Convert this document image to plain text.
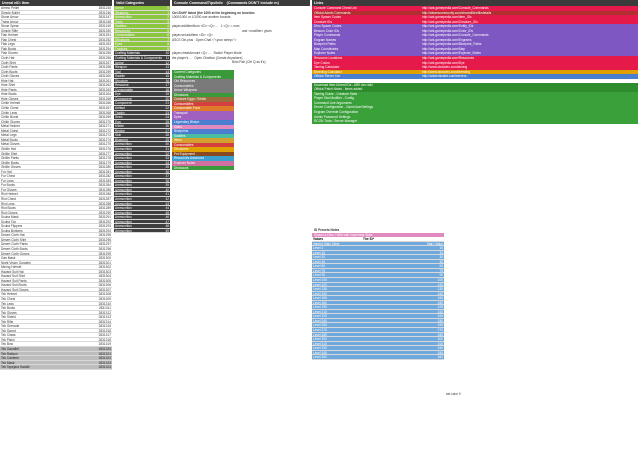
Unreal eID: Item
Ammo Pellet	2831245
Simple Bullet	2831246
Stone Arrow	2831247
Tranq Arrow	2831248
Stone Spear	2831249
Simple Rifle	2831250
Flak Helmet	2831251
Flak Chest	2831252
Flak Legs	2831253
Flak Boots	2831254
Flak Gloves	2831255
Cloth Hat	2831256
Cloth Shirt	2831257
Cloth Pants	2831258
Cloth Boots	2831259
Cloth Gloves	2831260
Hide Hat	2831261
Hide Shirt	2831262
Hide Pants	2831263
Hide Boots	2831264
Hide Gloves	2831265
Chitin Helmet	2831266
Chitin Chest	2831267
Chitin Legs	2831268
Chitin Boots	2831269
Chitin Gloves	2831270
Metal Helmet	2831271
Metal Chest	2831272
Metal Legs	2831273
Metal Boots	2831274
Metal Gloves	2831275
Ghillie Hat	2831276
Ghillie Shirt	2831277
Ghillie Pants	2831278
Ghillie Boots	2831279
Ghillie Gloves	2831280
Fur Hat	2831281
Fur Chest	2831282
Fur Legs	2831283
Fur Boots	2831284
Fur Gloves	2831285
Riot Helmet	2831286
Riot Chest	2831287
Riot Legs	2831288
Riot Boots	2831289
Riot Gloves	2831290
Scuba Mask	2831291
Scuba Top	2831292
Scuba Flippers	2831293
Scuba Bottoms	2831294
Desert Cloth Hat	2831295
Desert Cloth Shirt	2831296
Desert Cloth Pants	2831297
Desert Cloth Boots	2831298
Desert Cloth Gloves	2831299
Gas Mask	2831300
Night Vision Goggles	2831301
Mining Helmet	2831302
Hazard Suit Hat	2831303
Hazard Suit Shirt	2831304
Hazard Suit Pants	2831305
Hazard Suit Boots	2831306
Hazard Suit Gloves	2831307
Tek Helmet	2831308
Tek Chest	2831309
Tek Legs	2831310
Tek Boots	2831311
Tek Gloves	2831312
Tek Shield	2831313
Tek Rifle	2831314
Tek Grenade	2831315
Tek Sword	2831316
Tek Claws	2831317
Tek Pistol	2831318
Tek Bow	2831319
Tek Gauntlet	2831320
Tek Railgun	2831321
Tek Canteen	2831322
Tek Mask	2831323
Tek Tapejara Saddle	2831324
Valid Categories
Armor	0
Weapons	1
Ammunition	2
Tools	3
Saddles	4
Resources	5
Consumables	6
Structures	7
Dyes	8
Trophies	9
Crafting Materials	10
Crafting Materials & Components 11
Armor	12
Weapon	13
Tool	14
Saddle	15
Structure	16
Resource	17
Consumable	18
Dye	19
Component	20
Component	21
Artifact	22
Trophy	23
Seed	24
Egg	25
Kibble	26
Recipe	27
Skin	28
Blueprint	29
Ammunition	30
Ammunition	31
Ammunition	32
Ammunition	33
Ammunition	34
Ammunition	35
Ammunition	36
Ammunition	37
Ammunition	38
Ammunition	39
Ammunition	40
Ammunition	41
Ammunition	42
Ammunition	43
Ammunition	44
Ammunition	45
Ammunition	46
Ammunition	47
Ammunition	48
Ammunition	49
Console Command/Tips/Info (Commands DON'T include rn)
Ctrl-Shift* listed (the 1000 at the beginning on function
1000/1000 or 1/1000 use another bounds
player.addItemNum <ID> <Q> ... 1 <Q> = num
and <modifier> gives
player.set.addItem <ID> <Q>
ASCII Ctrl-plus Open Chat <"<your sleep>">
player.cheatAmount <Q> ... Switch Player Mode
the player's ... Open Chatbox (Create Anywhere)
Bind Fish (Ctrl Q as it's)
Current Categories
Crafting Materials & Components
Old Resources
Consumables
Armor Weapons
Dinosaurs
Creature Eggs / Kibble
Consumables
Consumable Food
Transport
Dyes
Legendary Bluepr.
Skins
Blueprints
Saddles
Items
Consumables
Structures
Pet Equipment
Resources Advanced
Explorer Notes
Dinosaurs
Links
Console Command Cheat List	http://ark.gamepedia.com/Console_Commands
Official Admin Commands	http://steamcommunity.com/sharedfiles/filedetails
Item Spawn Codes	http://ark.gamepedia.com/Item_IDs
Creature IDs	http://ark.gamepedia.com/Creature_IDs
Dino Spawn Codes	http://ark.gamepedia.com/Entity_IDs
Beacon Color IDs	http://ark.gamepedia.com/Color_IDs
Player Commands	http://ark.gamepedia.com/Console_Commands
Engram Names	http://ark.gamepedia.com/Engrams
Blueprint Paths	http://ark.gamepedia.com/Blueprint_Paths
Map Coordinates	http://ark.gamepedia.com/Map
Explorer Notes	http://ark.gamepedia.com/Explorer_Notes
Resource Locations	http://ark.gamepedia.com/Resources
Dye Colors	http://ark.gamepedia.com/Dye
Taming Calculator	http://www.dododex.com/taming
Breeding Calculator	http://www.dododex.com/breeding
Official Server List	http://arkdedicated.com/servers
Download Item Unreal IDs - ARK dev wiki
Official Patch Notes - Items added
Taming Guide - Creature Stats
Player Stat Modifier - Config
Command Line Arguments
Server Configuration - GameUserSettings
Engram Override Configuration
Admin Password Settings
RCON Tools / Server Manager
ID Presets Notes
Spawn a Dino / Wild with Imprinting Stats
Values	The ID*
Imprint Stats Table	Stat / Value
Level 1	10
Level 15	15
Level 30	30
Level 45	45
Level 60	60
Level 75	75
Level 90	90
Level 105	105
Level 120	120
Level 135	135
Level 150	150
Level 165	165
Level 180	180
Level 195	195
Level 210	210
Level 225	225
Level 240	240
Level 255	255
Level 270	270
Level 285	285
Level 300	300
Level 315	315
Level 330	330
Level 345	345
Level 360	360
set color 0
